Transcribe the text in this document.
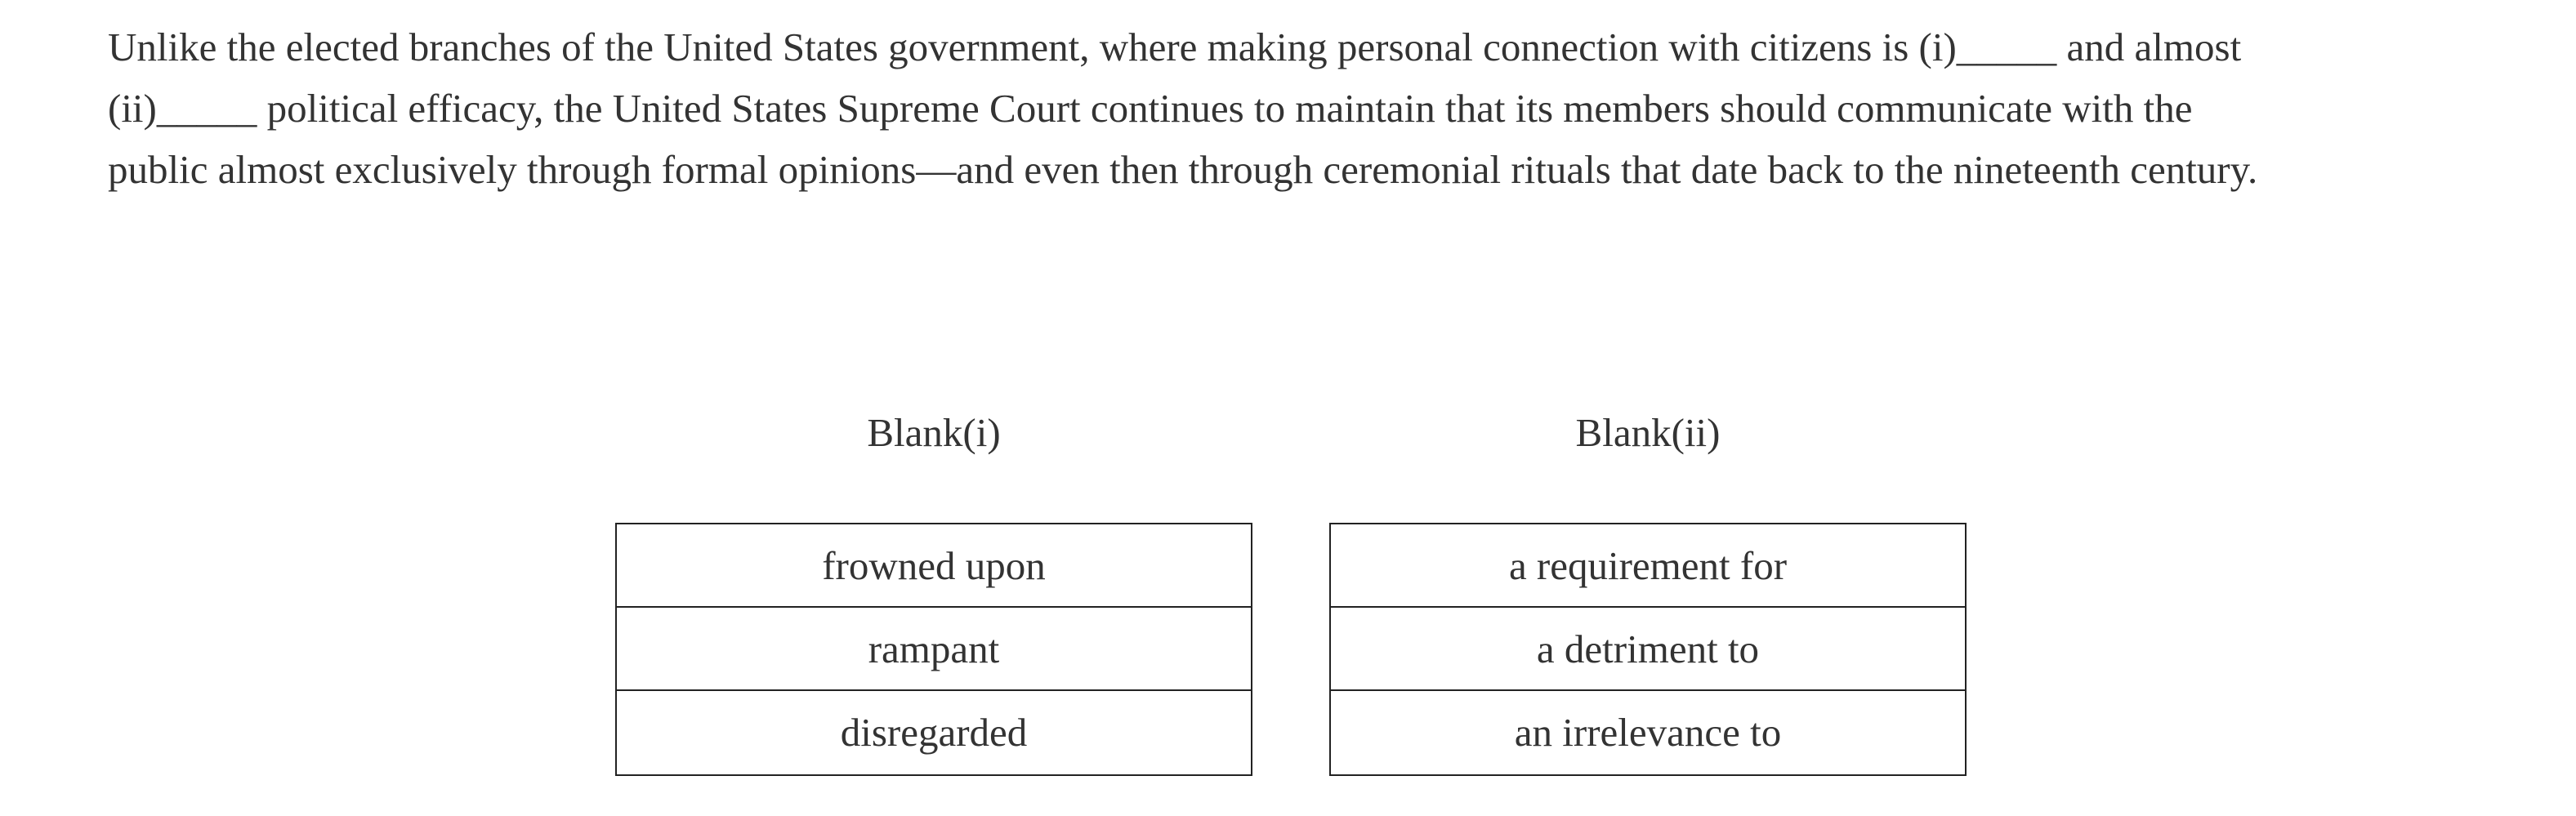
Unlike the elected branches of the United States government, where making personal connection with citizens is (i)_____ and almost
(ii)_____ political efficacy, the United States Supreme Court continues to maintain that its members should communicate with the
public almost exclusively through formal opinions—and even then through ceremonial rituals that date back to the nineteenth century.

Blank(i)	Blank(ii)
frowned upon
rampant
disregarded
a requirement for
a detriment to
an irrelevance to
